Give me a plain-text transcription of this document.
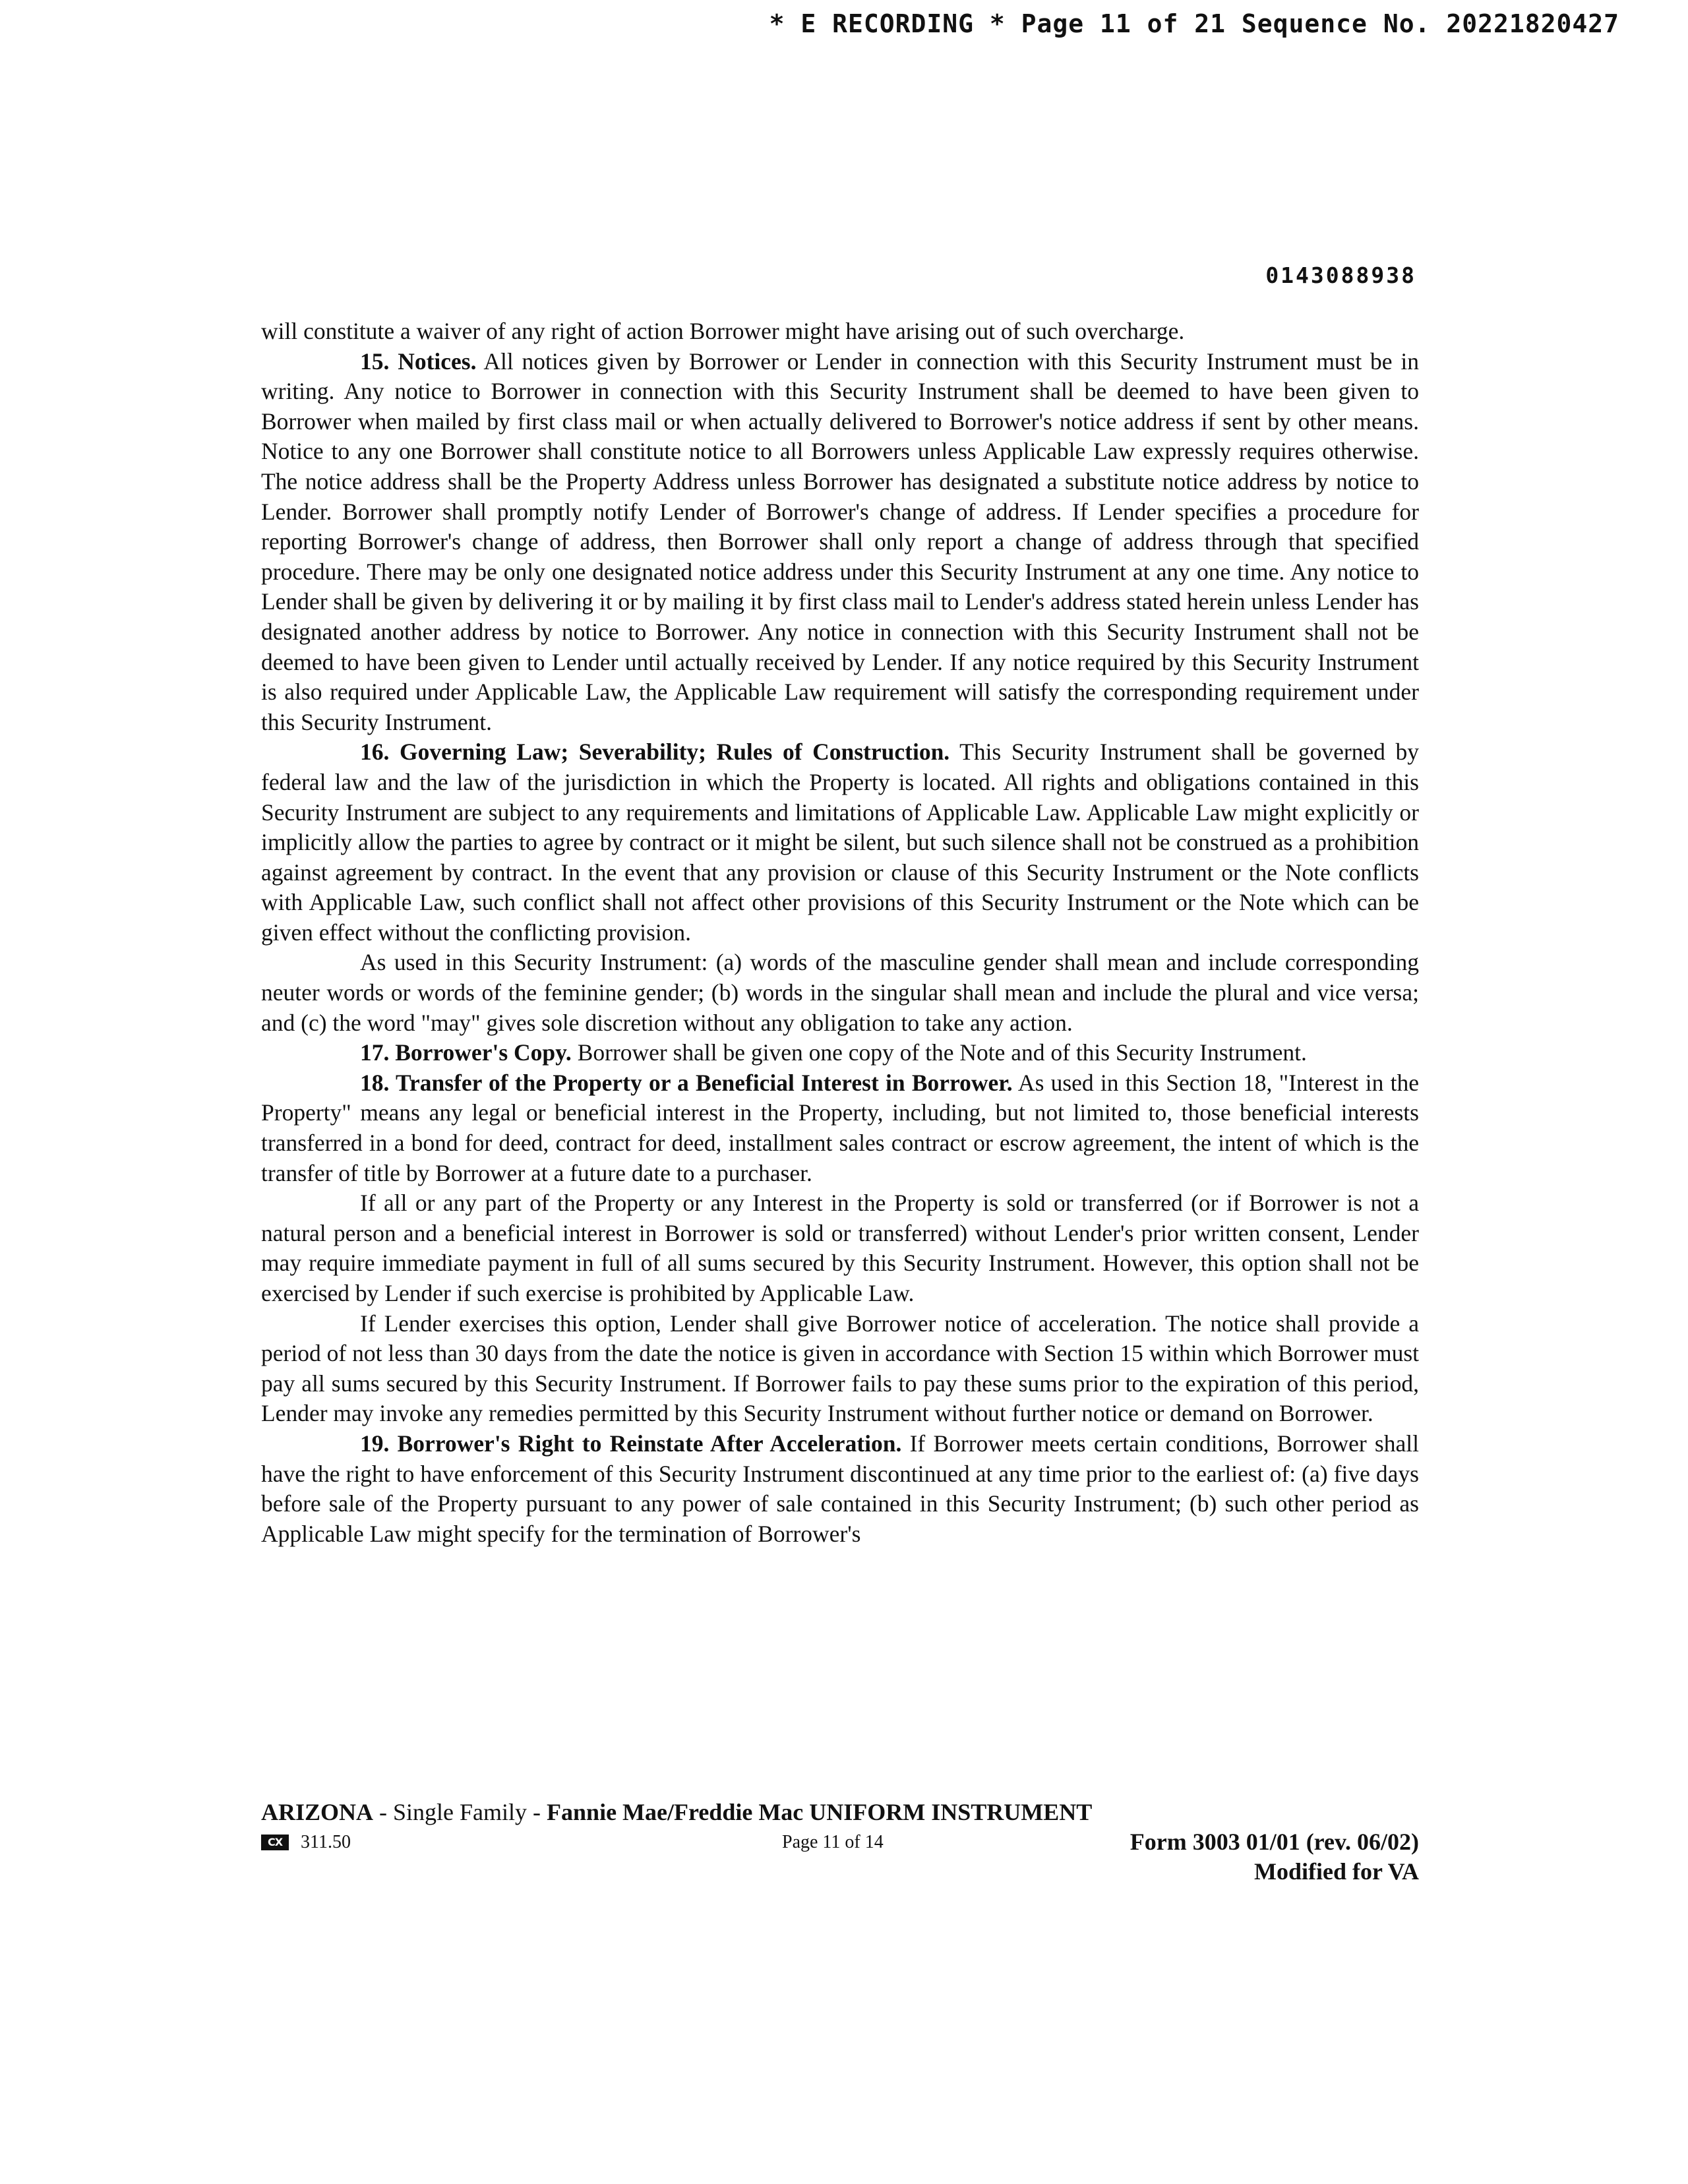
* E RECORDING * Page 11 of 21 Sequence No. 20221820427
0143088938

will constitute a waiver of any right of action Borrower might have arising out of such overcharge.

15. Notices. All notices given by Borrower or Lender in connection with this Security Instrument must be in writing. Any notice to Borrower in connection with this Security Instrument shall be deemed to have been given to Borrower when mailed by first class mail or when actually delivered to Borrower's notice address if sent by other means. Notice to any one Borrower shall constitute notice to all Borrowers unless Applicable Law expressly requires otherwise. The notice address shall be the Property Address unless Borrower has designated a substitute notice address by notice to Lender. Borrower shall promptly notify Lender of Borrower's change of address. If Lender specifies a procedure for reporting Borrower's change of address, then Borrower shall only report a change of address through that specified procedure. There may be only one designated notice address under this Security Instrument at any one time. Any notice to Lender shall be given by delivering it or by mailing it by first class mail to Lender's address stated herein unless Lender has designated another address by notice to Borrower. Any notice in connection with this Security Instrument shall not be deemed to have been given to Lender until actually received by Lender. If any notice required by this Security Instrument is also required under Applicable Law, the Applicable Law requirement will satisfy the corresponding requirement under this Security Instrument.

16. Governing Law; Severability; Rules of Construction. This Security Instrument shall be governed by federal law and the law of the jurisdiction in which the Property is located. All rights and obligations contained in this Security Instrument are subject to any requirements and limitations of Applicable Law. Applicable Law might explicitly or implicitly allow the parties to agree by contract or it might be silent, but such silence shall not be construed as a prohibition against agreement by contract. In the event that any provision or clause of this Security Instrument or the Note conflicts with Applicable Law, such conflict shall not affect other provisions of this Security Instrument or the Note which can be given effect without the conflicting provision.

As used in this Security Instrument: (a) words of the masculine gender shall mean and include corresponding neuter words or words of the feminine gender; (b) words in the singular shall mean and include the plural and vice versa; and (c) the word "may" gives sole discretion without any obligation to take any action.

17. Borrower's Copy. Borrower shall be given one copy of the Note and of this Security Instrument.

18. Transfer of the Property or a Beneficial Interest in Borrower. As used in this Section 18, "Interest in the Property" means any legal or beneficial interest in the Property, including, but not limited to, those beneficial interests transferred in a bond for deed, contract for deed, installment sales contract or escrow agreement, the intent of which is the transfer of title by Borrower at a future date to a purchaser.

If all or any part of the Property or any Interest in the Property is sold or transferred (or if Borrower is not a natural person and a beneficial interest in Borrower is sold or transferred) without Lender's prior written consent, Lender may require immediate payment in full of all sums secured by this Security Instrument. However, this option shall not be exercised by Lender if such exercise is prohibited by Applicable Law.

If Lender exercises this option, Lender shall give Borrower notice of acceleration. The notice shall provide a period of not less than 30 days from the date the notice is given in accordance with Section 15 within which Borrower must pay all sums secured by this Security Instrument. If Borrower fails to pay these sums prior to the expiration of this period, Lender may invoke any remedies permitted by this Security Instrument without further notice or demand on Borrower.

19. Borrower's Right to Reinstate After Acceleration. If Borrower meets certain conditions, Borrower shall have the right to have enforcement of this Security Instrument discontinued at any time prior to the earliest of: (a) five days before sale of the Property pursuant to any power of sale contained in this Security Instrument; (b) such other period as Applicable Law might specify for the termination of Borrower's

ARIZONA - Single Family - Fannie Mae/Freddie Mac UNIFORM INSTRUMENT
CX 311.50	Page 11 of 14	Form 3003 01/01 (rev. 06/02)
Modified for VA
